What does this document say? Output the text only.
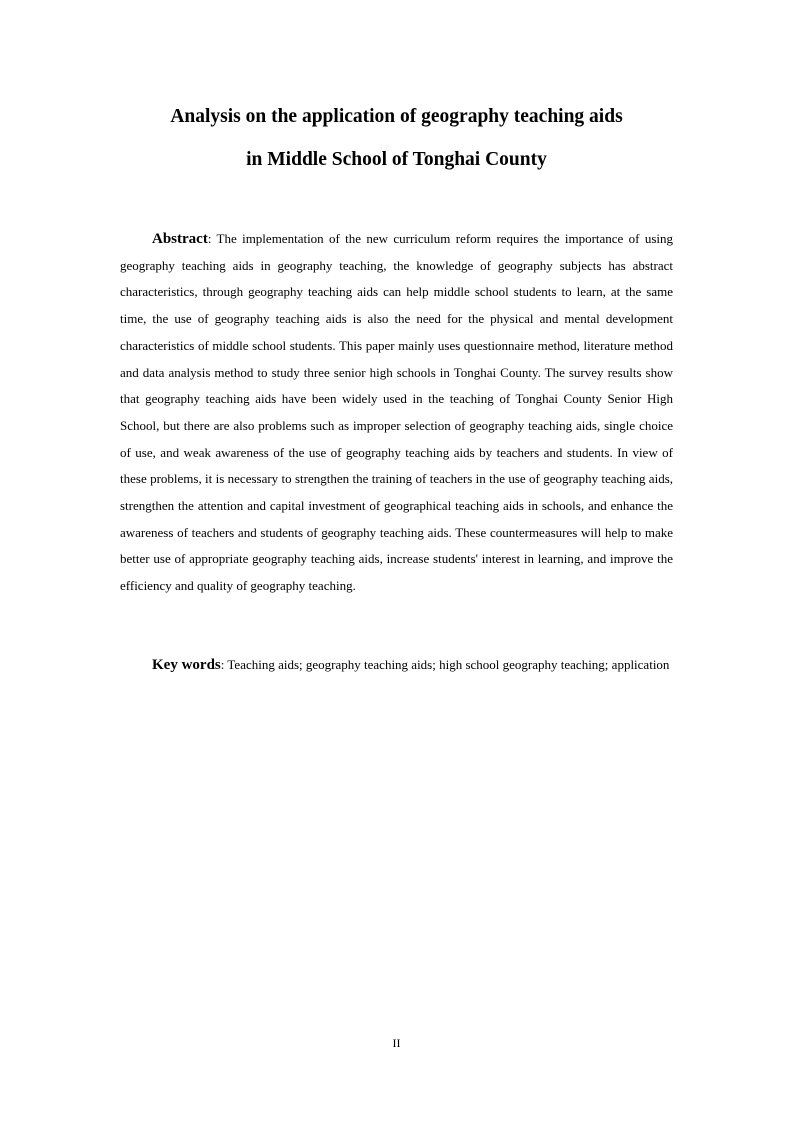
Analysis on the application of geography teaching aids
in Middle School of Tonghai County

Abstract: The implementation of the new curriculum reform requires the importance of using geography teaching aids in geography teaching, the knowledge of geography subjects has abstract characteristics, through geography teaching aids can help middle school students to learn, at the same time, the use of geography teaching aids is also the need for the physical and mental development characteristics of middle school students. This paper mainly uses questionnaire method, literature method and data analysis method to study three senior high schools in Tonghai County. The survey results show that geography teaching aids have been widely used in the teaching of Tonghai County Senior High School, but there are also problems such as improper selection of geography teaching aids, single choice of use, and weak awareness of the use of geography teaching aids by teachers and students. In view of these problems, it is necessary to strengthen the training of teachers in the use of geography teaching aids, strengthen the attention and capital investment of geographical teaching aids in schools, and enhance the awareness of teachers and students of geography teaching aids. These countermeasures will help to make better use of appropriate geography teaching aids, increase students' interest in learning, and improve the efficiency and quality of geography teaching.

Key words: Teaching aids; geography teaching aids; high school geography teaching; application

II
